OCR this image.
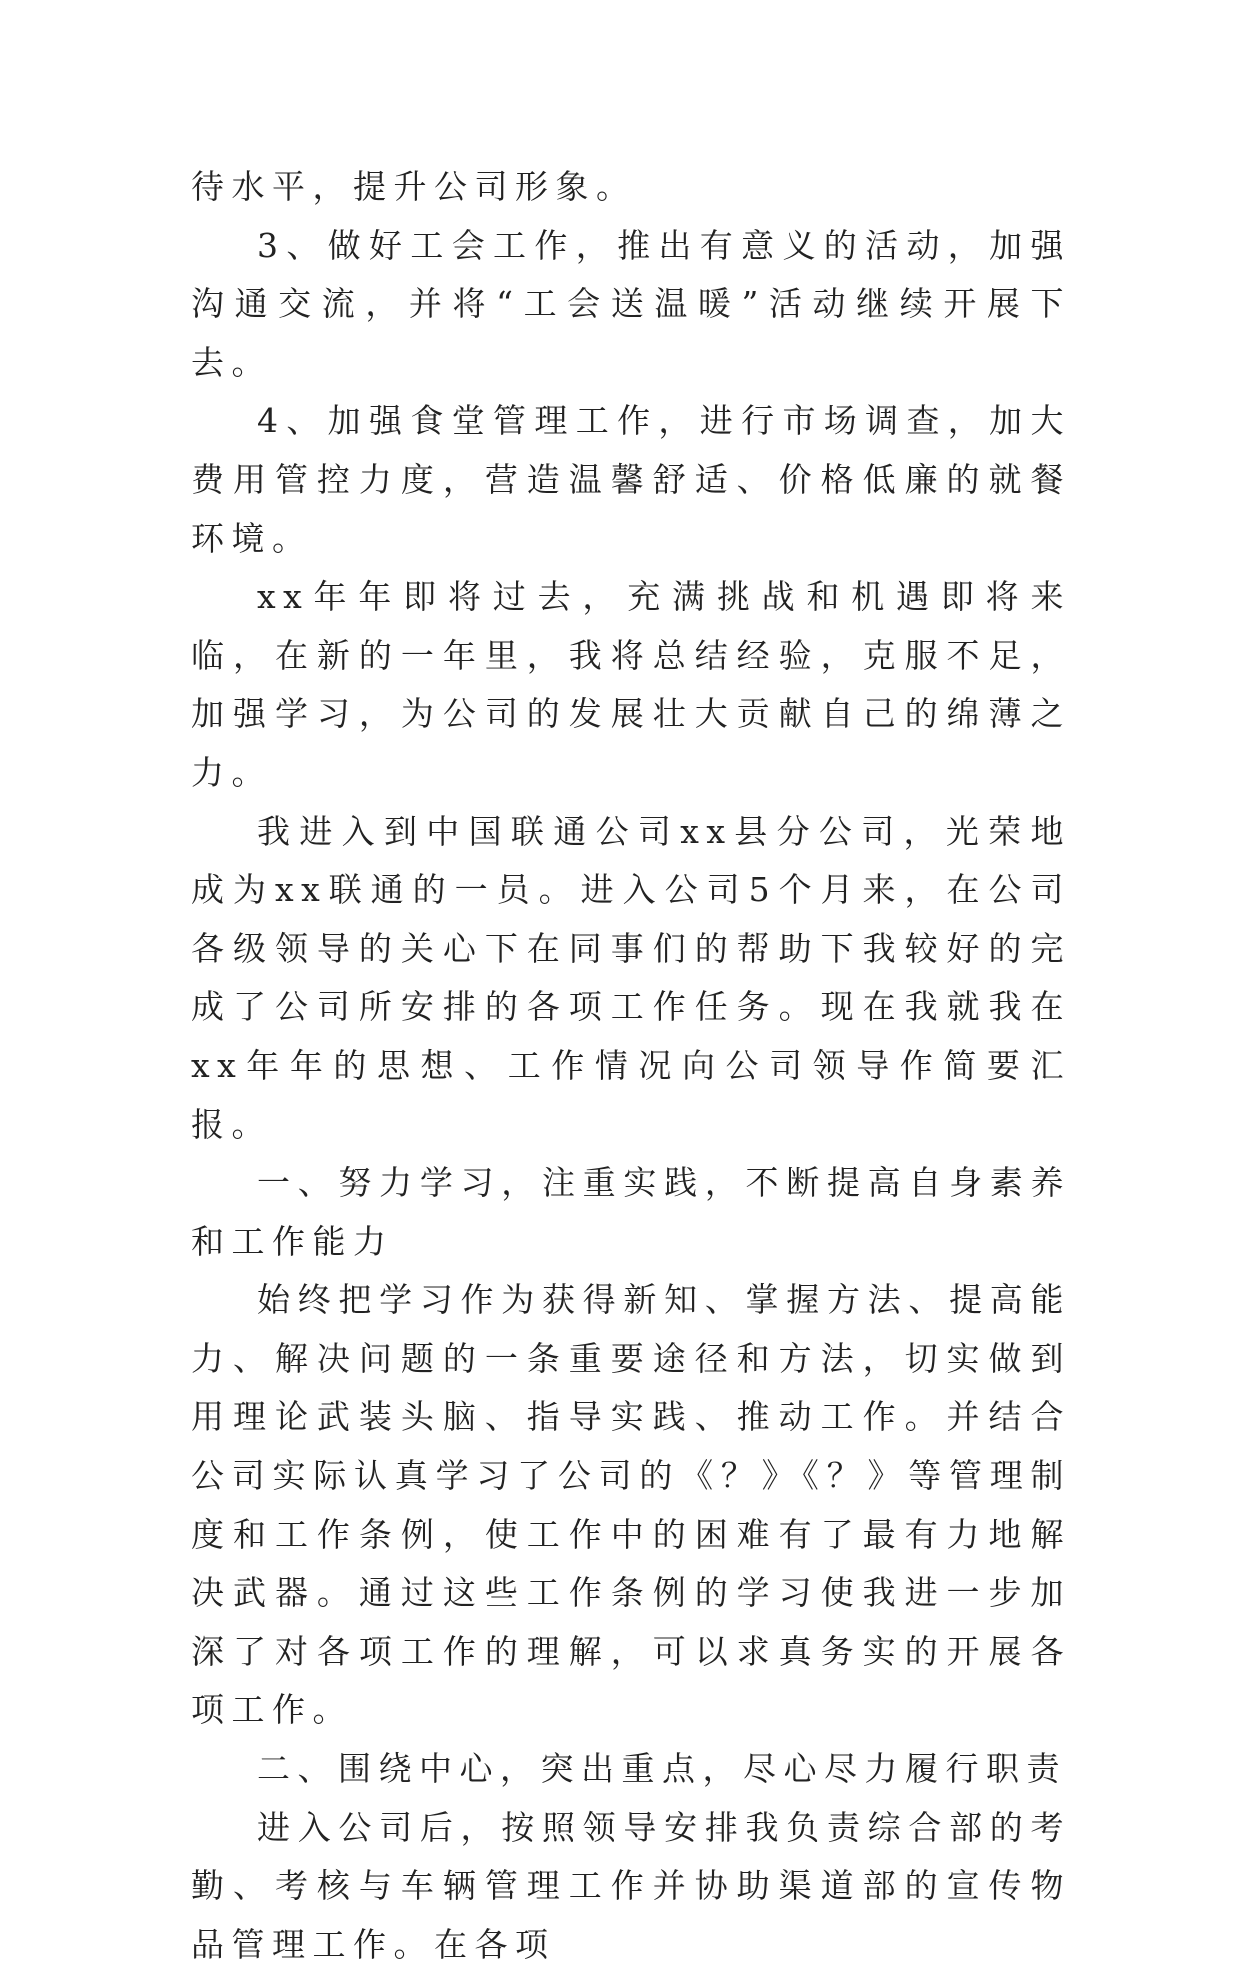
待水平，提升公司形象。

3、做好工会工作，推出有意义的活动，加强沟通交流，并将“工会送温暖”活动继续开展下去。

4、加强食堂管理工作，进行市场调查，加大费用管控力度，营造温馨舒适、价格低廉的就餐环境。

xx年年即将过去，充满挑战和机遇即将来临，在新的一年里，我将总结经验，克服不足，加强学习，为公司的发展壮大贡献自己的绵薄之力。

我进入到中国联通公司xx县分公司，光荣地成为xx联通的一员。进入公司5个月来，在公司各级领导的关心下在同事们的帮助下我较好的完成了公司所安排的各项工作任务。现在我就我在xx年年的思想、工作情况向公司领导作简要汇报。

一、努力学习，注重实践，不断提高自身素养和工作能力

始终把学习作为获得新知、掌握方法、提高能力、解决问题的一条重要途径和方法，切实做到用理论武装头脑、指导实践、推动工作。并结合公司实际认真学习了公司的《？》《？》等管理制度和工作条例，使工作中的困难有了最有力地解决武器。通过这些工作条例的学习使我进一步加深了对各项工作的理解，可以求真务实的开展各项工作。

二、围绕中心，突出重点，尽心尽力履行职责

进入公司后，按照领导安排我负责综合部的考勤、考核与车辆管理工作并协助渠道部的宣传物品管理工作。在各项
